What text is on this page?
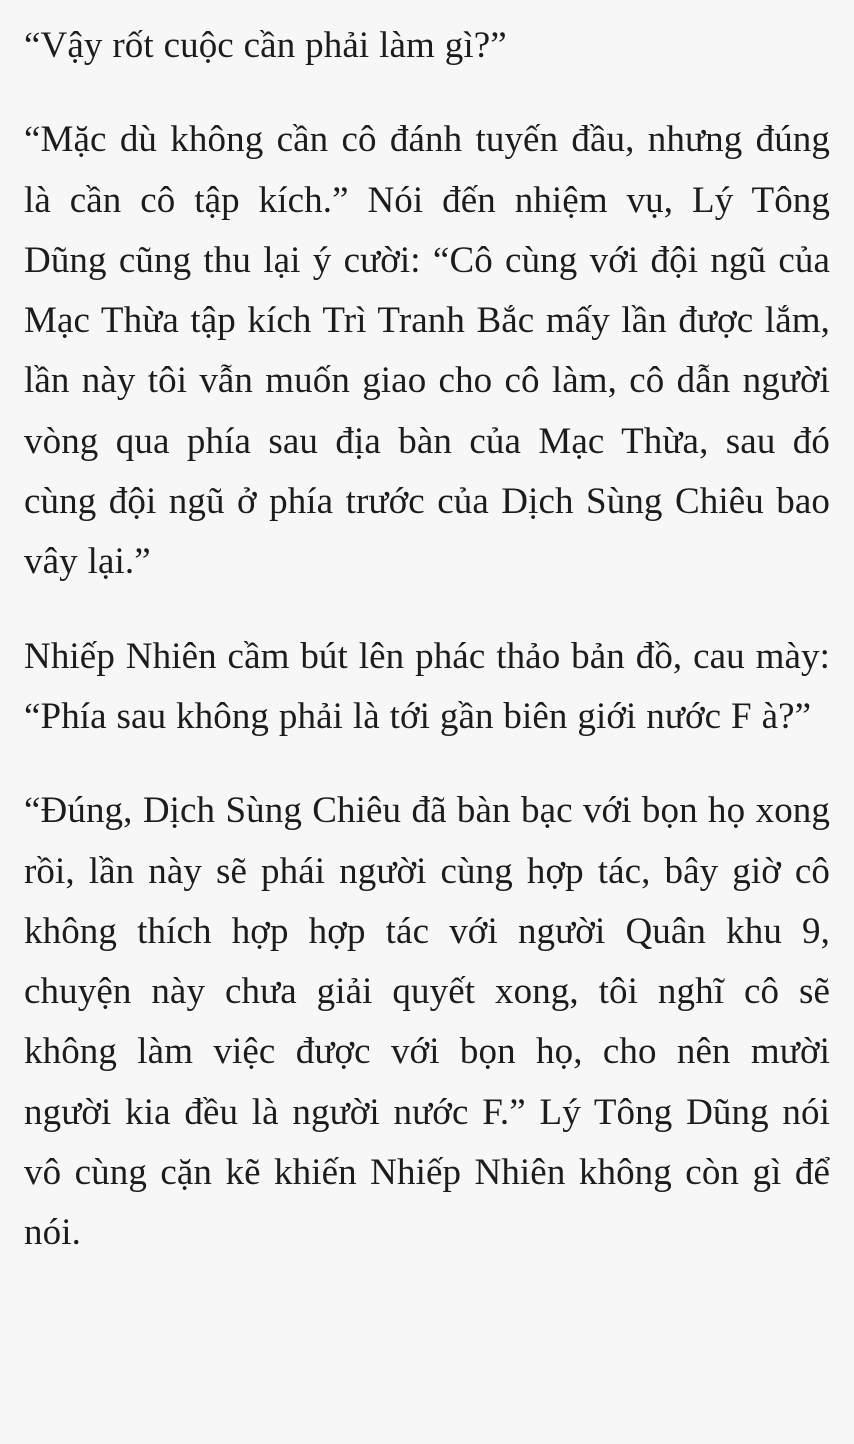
“Vậy rốt cuộc cần phải làm gì?”

“Mặc dù không cần cô đánh tuyến đầu, nhưng đúng là cần cô tập kích.” Nói đến nhiệm vụ, Lý Tông Dũng cũng thu lại ý cười: “Cô cùng với đội ngũ của Mạc Thừa tập kích Trì Tranh Bắc mấy lần được lắm, lần này tôi vẫn muốn giao cho cô làm, cô dẫn người vòng qua phía sau địa bàn của Mạc Thừa, sau đó cùng đội ngũ ở phía trước của Dịch Sùng Chiêu bao vây lại.”

Nhiếp Nhiên cầm bút lên phác thảo bản đồ, cau mày: “Phía sau không phải là tới gần biên giới nước F à?”

“Đúng, Dịch Sùng Chiêu đã bàn bạc với bọn họ xong rồi, lần này sẽ phái người cùng hợp tác, bây giờ cô không thích hợp hợp tác với người Quân khu 9, chuyện này chưa giải quyết xong, tôi nghĩ cô sẽ không làm việc được với bọn họ, cho nên mười người kia đều là người nước F.” Lý Tông Dũng nói vô cùng cặn kẽ khiến Nhiếp Nhiên không còn gì để nói.
